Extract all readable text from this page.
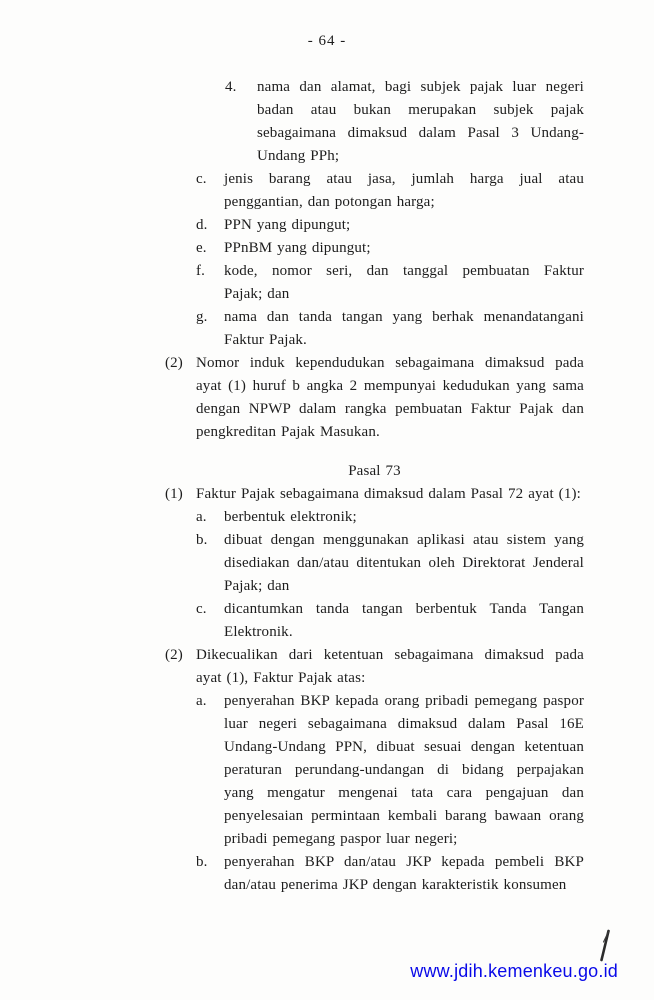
- 64 -
4.	nama dan alamat, bagi subjek pajak luar negeri
badan atau bukan merupakan subjek pajak
sebagaimana dimaksud dalam Pasal 3 Undang-
Undang PPh;
c.	jenis barang atau jasa, jumlah harga jual atau
penggantian, dan potongan harga;
d.	PPN yang dipungut;
e.	PPnBM yang dipungut;
f.	kode, nomor seri, dan tanggal pembuatan Faktur
Pajak; dan
g.	nama dan tanda tangan yang berhak menandatangani
Faktur Pajak.
(2) Nomor induk kependudukan sebagaimana dimaksud pada
ayat (1) huruf b angka 2 mempunyai kedudukan yang sama
dengan NPWP dalam rangka pembuatan Faktur Pajak dan
pengkreditan Pajak Masukan.
Pasal 73
(1) Faktur Pajak sebagaimana dimaksud dalam Pasal 72 ayat (1):
a.	berbentuk elektronik;
b.	dibuat dengan menggunakan aplikasi atau sistem yang
disediakan dan/atau ditentukan oleh Direktorat Jenderal
Pajak; dan
c.	dicantumkan tanda tangan berbentuk Tanda Tangan
Elektronik.
(2) Dikecualikan dari ketentuan sebagaimana dimaksud pada
ayat (1), Faktur Pajak atas:
a.	penyerahan BKP kepada orang pribadi pemegang paspor
luar negeri sebagaimana dimaksud dalam Pasal 16E
Undang-Undang PPN, dibuat sesuai dengan ketentuan
peraturan perundang-undangan di bidang perpajakan
yang mengatur mengenai tata cara pengajuan dan
penyelesaian permintaan kembali barang bawaan orang
pribadi pemegang paspor luar negeri;
b.	penyerahan BKP dan/atau JKP kepada pembeli BKP
dan/atau penerima JKP dengan karakteristik konsumen
www.jdih.kemenkeu.go.id
